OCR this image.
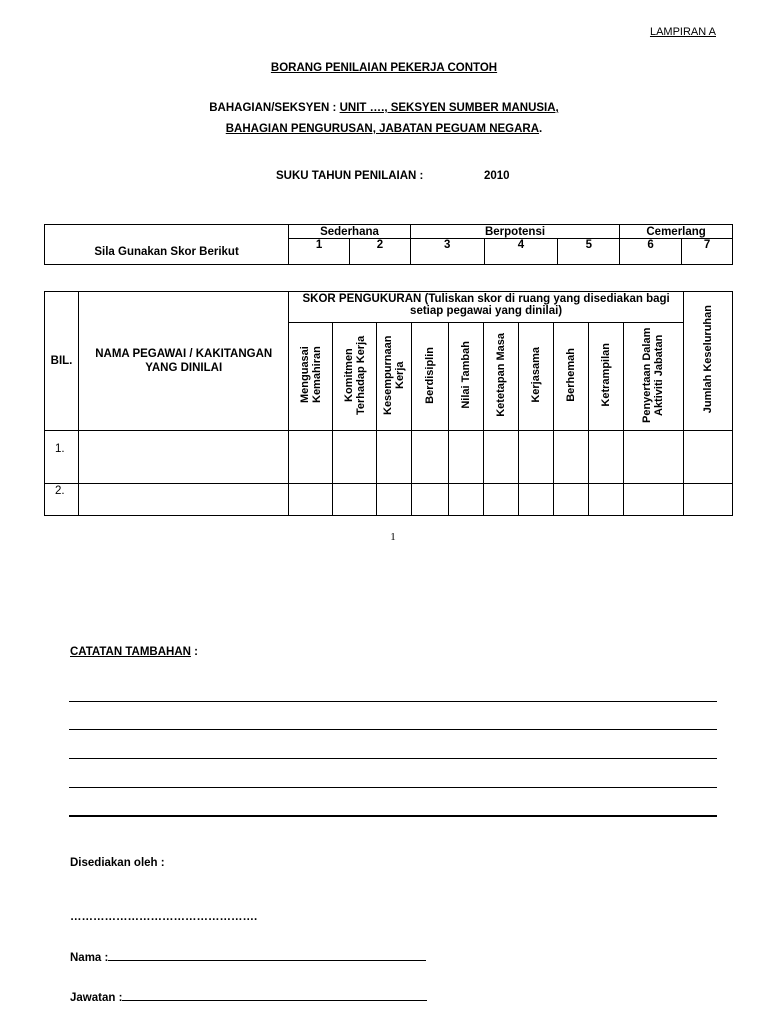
LAMPIRAN A
BORANG PENILAIAN PEKERJA CONTOH
BAHAGIAN/SEKSYEN : UNIT …., SEKSYEN SUMBER MANUSIA,
BAHAGIAN PENGURUSAN, JABATAN PEGUAM NEGARA.
SUKU TAHUN PENILAIAN :	2010
Sila Gunakan Skor Berikut	Sederhana		Berpotensi			Cemerlang	
	1	2	3	4	5	6	7
BIL.	NAMA PEGAWAI / KAKITANGAN YANG DINILAI	SKOR PENGUKURAN (Tuliskan skor di ruang yang disediakan bagi setiap pegawai yang dinilai)										Jumlah Keseluruhan
		Menguasai Kemahiran	Komitmen Terhadap Kerja	Kesempurnaan Kerja	Berdisiplin	Nilai Tambah	Ketetapan Masa	Kerjasama	Berhemah	Ketrampilan	Penyertaan Dalam Aktiviti Jabatan	
1.												
2.												
1
CATATAN TAMBAHAN :
Disediakan oleh :
………………………………………….
Nama :
Jawatan :
